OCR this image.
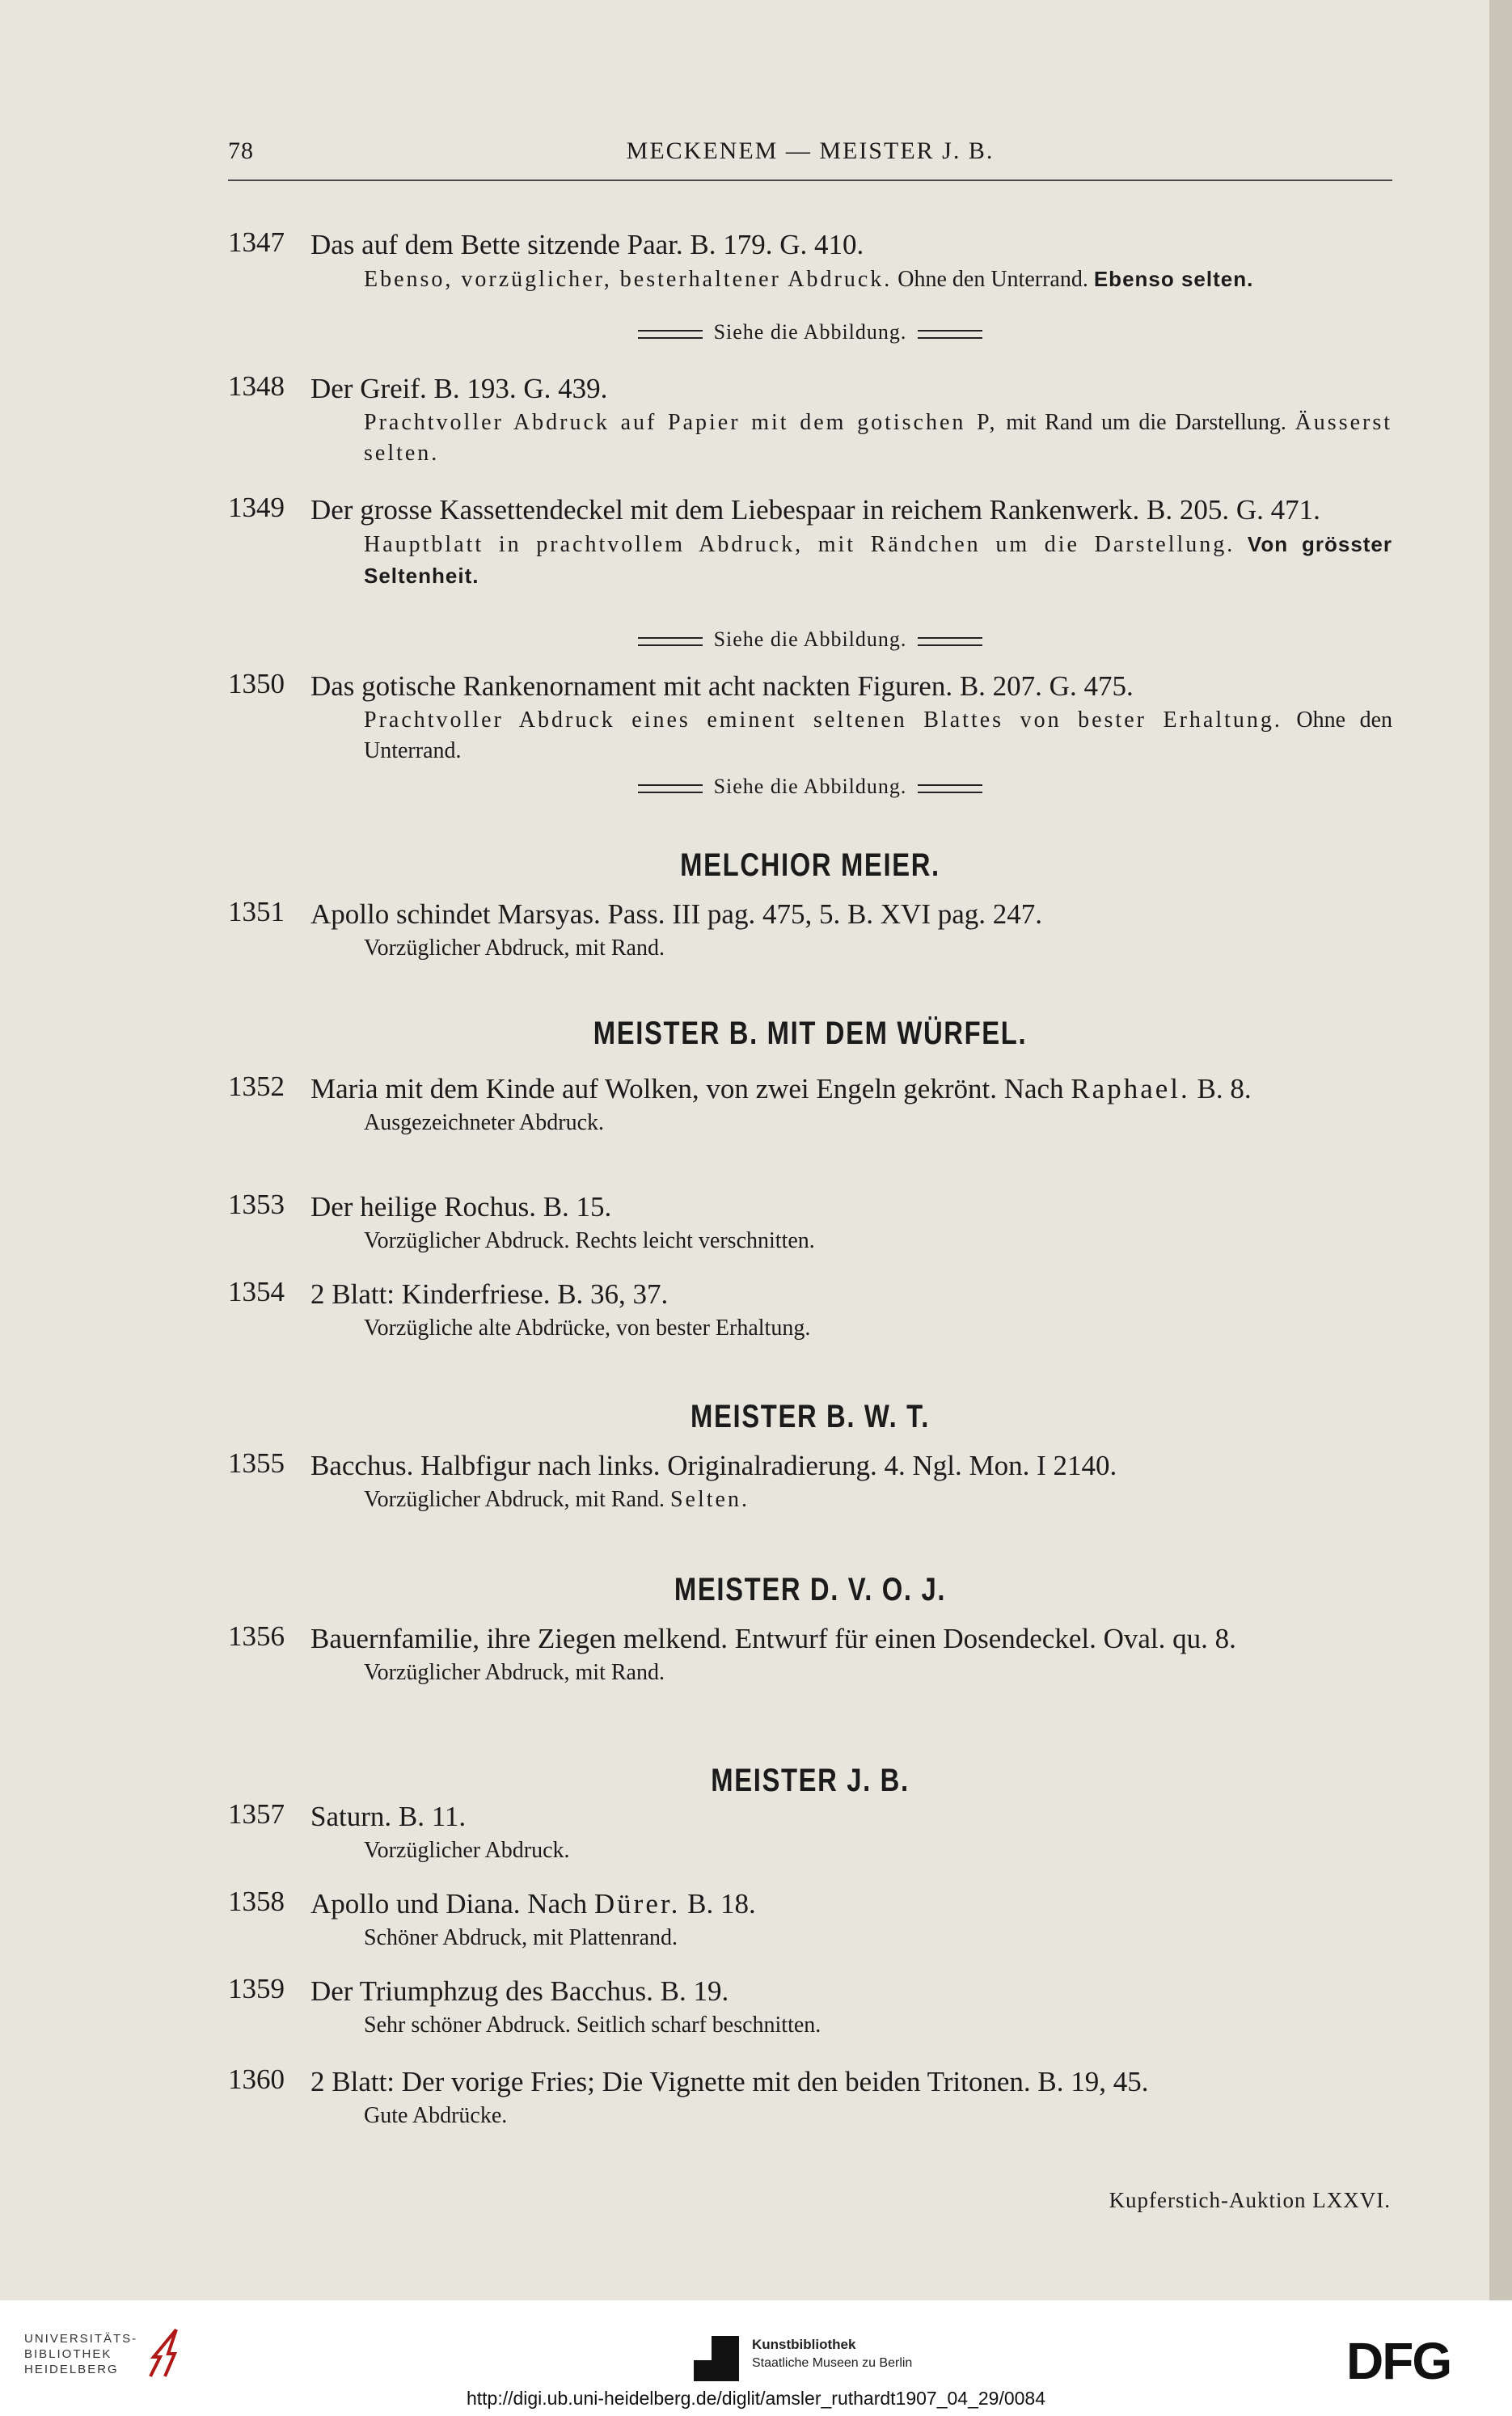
78	MECKENEM — MEISTER J. B.
1347 Das auf dem Bette sitzende Paar. B. 179. G. 410.
Ebenso, vorzüglicher, besterhaltener Abdruck. Ohne den Unterrand. Ebenso selten.
Siehe die Abbildung.
1348 Der Greif. B. 193. G. 439.
Prachtvoller Abdruck auf Papier mit dem gotischen P, mit Rand um die Darstellung. Äusserst selten.
1349 Der grosse Kassettendeckel mit dem Liebespaar in reichem Rankenwerk. B. 205. G. 471.
Hauptblatt in prachtvollem Abdruck, mit Rändchen um die Darstellung. Von grösster Seltenheit.
Siehe die Abbildung.
1350 Das gotische Rankenornament mit acht nackten Figuren. B. 207. G. 475.
Prachtvoller Abdruck eines eminent seltenen Blattes von bester Erhaltung. Ohne den Unterrand.
Siehe die Abbildung.
MELCHIOR MEIER.
1351 Apollo schindet Marsyas. Pass. III pag. 475, 5. B. XVI pag. 247.
Vorzüglicher Abdruck, mit Rand.
MEISTER B. MIT DEM WÜRFEL.
1352 Maria mit dem Kinde auf Wolken, von zwei Engeln gekrönt. Nach Raphael. B. 8.
Ausgezeichneter Abdruck.
1353 Der heilige Rochus. B. 15.
Vorzüglicher Abdruck. Rechts leicht verschnitten.
1354 2 Blatt: Kinderfriese. B. 36, 37.
Vorzügliche alte Abdrücke, von bester Erhaltung.
MEISTER B. W. T.
1355 Bacchus. Halbfigur nach links. Originalradierung. 4. Ngl. Mon. I 2140.
Vorzüglicher Abdruck, mit Rand. Selten.
MEISTER D. V. O. J.
1356 Bauernfamilie, ihre Ziegen melkend. Entwurf für einen Dosendeckel. Oval. qu. 8.
Vorzüglicher Abdruck, mit Rand.
MEISTER J. B.
1357 Saturn. B. 11.
Vorzüglicher Abdruck.
1358 Apollo und Diana. Nach Dürer. B. 18.
Schöner Abdruck, mit Plattenrand.
1359 Der Triumphzug des Bacchus. B. 19.
Sehr schöner Abdruck. Seitlich scharf beschnitten.
1360 2 Blatt: Der vorige Fries; Die Vignette mit den beiden Tritonen. B. 19, 45.
Gute Abdrücke.
Kupferstich-Auktion LXXVI.
UNIVERSITÄTS-
BIBLIOTHEK
HEIDELBERG
Kunstbibliothek
Staatliche Museen zu Berlin	DFG
http://digi.ub.uni-heidelberg.de/diglit/amsler_ruthardt1907_04_29/0084
